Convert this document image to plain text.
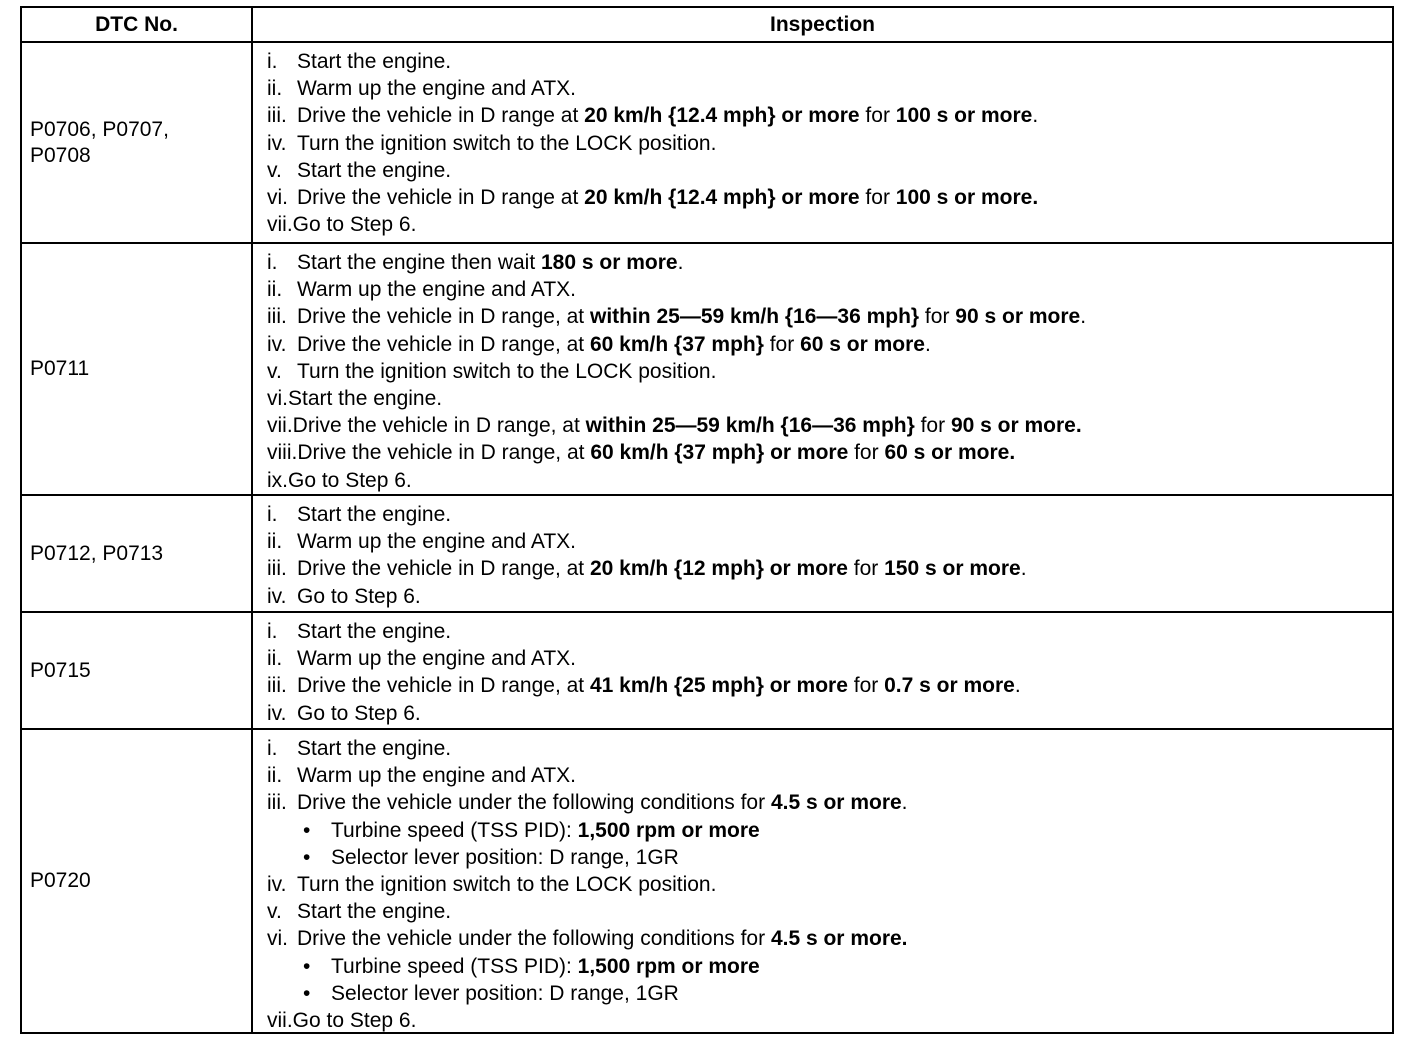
DTC No.	Inspection
P0706, P0707,
P0708
i. Start the engine.
ii. Warm up the engine and ATX.
iii. Drive the vehicle in D range at 20 km/h {12.4 mph} or more for 100 s or more.
iv. Turn the ignition switch to the LOCK position.
v. Start the engine.
vi. Drive the vehicle in D range at 20 km/h {12.4 mph} or more for 100 s or more.
vii. Go to Step 6.
P0711
i. Start the engine then wait 180 s or more.
ii. Warm up the engine and ATX.
iii. Drive the vehicle in D range, at within 25—59 km/h {16—36 mph} for 90 s or more.
iv. Drive the vehicle in D range, at 60 km/h {37 mph} for 60 s or more.
v. Turn the ignition switch to the LOCK position.
vi. Start the engine.
vii. Drive the vehicle in D range, at within 25—59 km/h {16—36 mph} for 90 s or more.
viii. Drive the vehicle in D range, at 60 km/h {37 mph} or more for 60 s or more.
ix. Go to Step 6.
P0712, P0713
i. Start the engine.
ii. Warm up the engine and ATX.
iii. Drive the vehicle in D range, at 20 km/h {12 mph} or more for 150 s or more.
iv. Go to Step 6.
P0715
i. Start the engine.
ii. Warm up the engine and ATX.
iii. Drive the vehicle in D range, at 41 km/h {25 mph} or more for 0.7 s or more.
iv. Go to Step 6.
P0720
i. Start the engine.
ii. Warm up the engine and ATX.
iii. Drive the vehicle under the following conditions for 4.5 s or more.
• Turbine speed (TSS PID): 1,500 rpm or more
• Selector lever position: D range, 1GR
iv. Turn the ignition switch to the LOCK position.
v. Start the engine.
vi. Drive the vehicle under the following conditions for 4.5 s or more.
• Turbine speed (TSS PID): 1,500 rpm or more
• Selector lever position: D range, 1GR
vii. Go to Step 6.
